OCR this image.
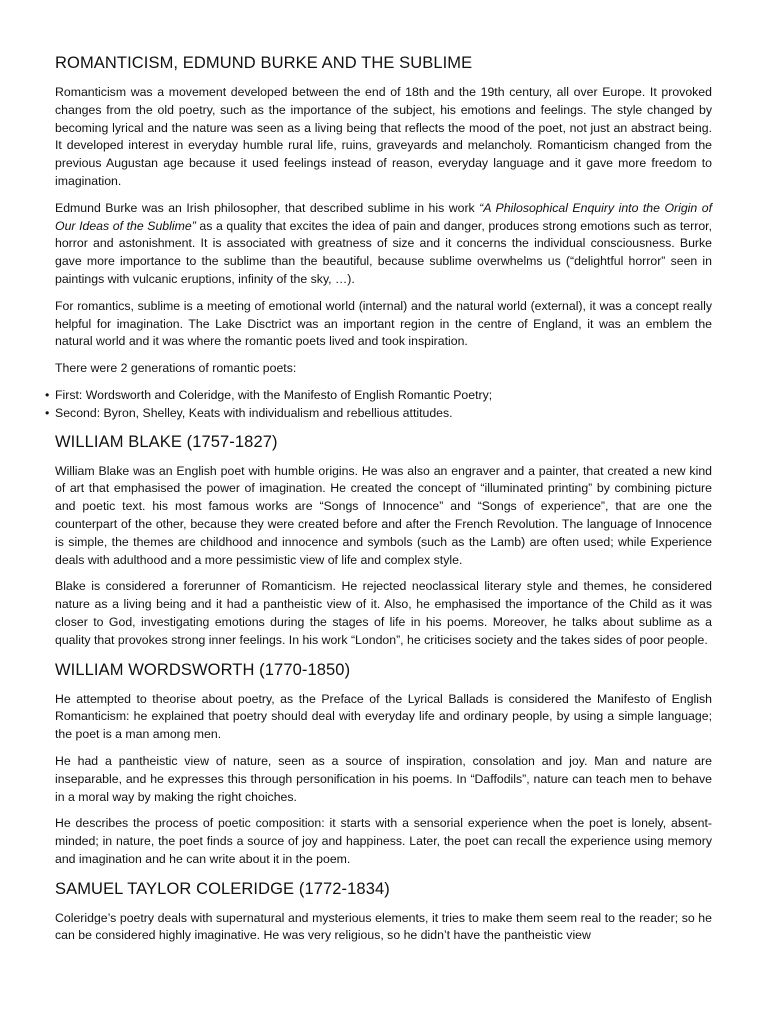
ROMANTICISM, EDMUND BURKE AND THE SUBLIME

Romanticism was a movement developed between the end of 18th and the 19th century, all over Europe. It provoked changes from the old poetry, such as the importance of the subject, his emotions and feelings. The style changed by becoming lyrical and the nature was seen as a living being that reflects the mood of the poet, not just an abstract being. It developed interest in everyday humble rural life, ruins, graveyards and melancholy. Romanticism changed from the previous Augustan age because it used feelings instead of reason, everyday language and it gave more freedom to imagination.

Edmund Burke was an Irish philosopher, that described sublime in his work “A Philosophical Enquiry into the Origin of Our Ideas of the Sublime” as a quality that excites the idea of pain and danger, produces strong emotions such as terror, horror and astonishment. It is associated with greatness of size and it concerns the individual consciousness. Burke gave more importance to the sublime than the beautiful, because sublime overwhelms us (“delightful horror” seen in paintings with vulcanic eruptions, infinity of the sky, …).

For romantics, sublime is a meeting of emotional world (internal) and the natural world (external), it was a concept really helpful for imagination. The Lake Disctrict was an important region in the centre of England, it was an emblem the natural world and it was where the romantic poets lived and took inspiration.

There were 2 generations of romantic poets:

• First: Wordsworth and Coleridge, with the Manifesto of English Romantic Poetry;
• Second: Byron, Shelley, Keats with individualism and rebellious attitudes.
WILLIAM BLAKE (1757-1827)

William Blake was an English poet with humble origins. He was also an engraver and a painter, that created a new kind of art that emphasised the power of imagination. He created the concept of “illuminated printing” by combining picture and poetic text. his most famous works are “Songs of Innocence” and “Songs of experience”, that are one the counterpart of the other, because they were created before and after the French Revolution. The language of Innocence is simple, the themes are childhood and innocence and symbols (such as the Lamb) are often used; while Experience deals with adulthood and a more pessimistic view of life and complex style.

Blake is considered a forerunner of Romanticism. He rejected neoclassical literary style and themes, he considered nature as a living being and it had a pantheistic view of it. Also, he emphasised the importance of the Child as it was closer to God, investigating emotions during the stages of life in his poems. Moreover, he talks about sublime as a quality that provokes strong inner feelings. In his work “London”, he criticises society and the takes sides of poor people.

WILLIAM WORDSWORTH (1770-1850)

He attempted to theorise about poetry, as the Preface of the Lyrical Ballads is considered the Manifesto of English Romanticism: he explained that poetry should deal with everyday life and ordinary people, by using a simple language; the poet is a man among men.

He had a pantheistic view of nature, seen as a source of inspiration, consolation and joy. Man and nature are inseparable, and he expresses this through personification in his poems. In “Daffodils”, nature can teach men to behave in a moral way by making the right choiches.

He describes the process of poetic composition: it starts with a sensorial experience when the poet is lonely, absent-minded; in nature, the poet finds a source of joy and happiness. Later, the poet can recall the experience using memory and imagination and he can write about it in the poem.

SAMUEL TAYLOR COLERIDGE (1772-1834)

Coleridge’s poetry deals with supernatural and mysterious elements, it tries to make them seem real to the reader; so he can be considered highly imaginative. He was very religious, so he didn’t have the pantheistic view
